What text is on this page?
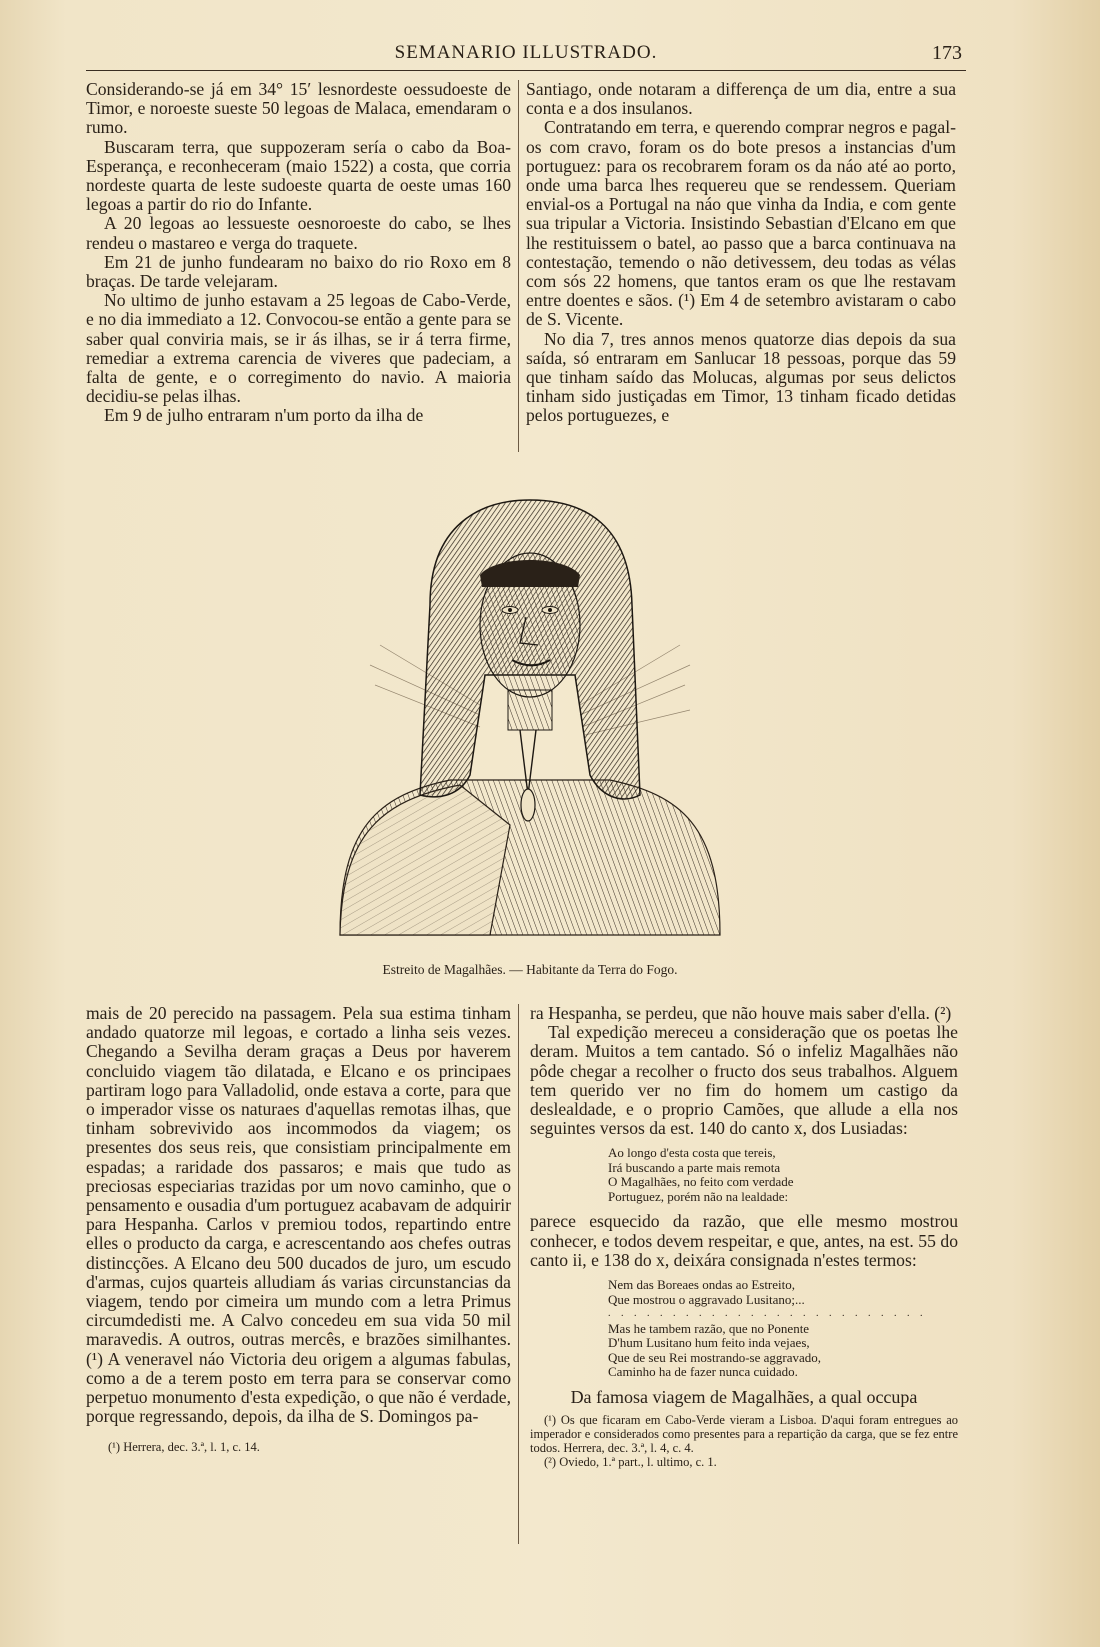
SEMANARIO ILLUSTRADO.	173

Considerando-se já em 34° 15′ lesnordeste oessudoeste de Timor, e noroeste sueste 50 legoas de Malaca, emendaram o rumo.

Buscaram terra, que suppozeram sería o cabo da Boa-Esperança, e reconheceram (maio 1522) a costa, que corria nordeste quarta de leste sudoeste quarta de oeste umas 160 legoas a partir do rio do Infante.

A 20 legoas ao lessueste oesnoroeste do cabo, se lhes rendeu o mastareo e verga do traquete.

Em 21 de junho fundearam no baixo do rio Roxo em 8 braças. De tarde velejaram.

No ultimo de junho estavam a 25 legoas de Cabo-Verde, e no dia immediato a 12. Convocou-se então a gente para se saber qual conviria mais, se ir ás ilhas, se ir á terra firme, remediar a extrema carencia de viveres que padeciam, a falta de gente, e o corregimento do navio. A maioria decidiu-se pelas ilhas.

Em 9 de julho entraram n'um porto da ilha de

Santiago, onde notaram a differença de um dia, entre a sua conta e a dos insulanos.

Contratando em terra, e querendo comprar negros e pagal-os com cravo, foram os do bote presos a instancias d'um portuguez: para os recobrarem foram os da náo até ao porto, onde uma barca lhes requereu que se rendessem. Queriam envial-os a Portugal na náo que vinha da India, e com gente sua tripular a Victoria. Insistindo Sebastian d'Elcano em que lhe restituissem o batel, ao passo que a barca continuava na contestação, temendo o não detivessem, deu todas as vélas com sós 22 homens, que tantos eram os que lhe restavam entre doentes e sãos. (¹) Em 4 de setembro avistaram o cabo de S. Vicente.

No dia 7, tres annos menos quatorze dias depois da sua saída, só entraram em Sanlucar 18 pessoas, porque das 59 que tinham saído das Molucas, algumas por seus delictos tinham sido justiçadas em Timor, 13 tinham ficado detidas pelos portuguezes, e

Estreito de Magalhães. — Habitante da Terra do Fogo.

mais de 20 perecido na passagem. Pela sua estima tinham andado quatorze mil legoas, e cortado a linha seis vezes. Chegando a Sevilha deram graças a Deus por haverem concluido viagem tão dilatada, e Elcano e os principaes partiram logo para Valladolid, onde estava a corte, para que o imperador visse os naturaes d'aquellas remotas ilhas, que tinham sobrevivido aos incommodos da viagem; os presentes dos seus reis, que consistiam principalmente em espadas; a raridade dos passaros; e mais que tudo as preciosas especiarias trazidas por um novo caminho, que o pensamento e ousadia d'um portuguez acabavam de adquirir para Hespanha. Carlos v premiou todos, repartindo entre elles o producto da carga, e acrescentando aos chefes outras distincções. A Elcano deu 500 ducados de juro, um escudo d'armas, cujos quarteis alludiam ás varias circunstancias da viagem, tendo por cimeira um mundo com a letra Primus circumdedisti me. A Calvo concedeu em sua vida 50 mil maravedis. A outros, outras mercês, e brazões similhantes. (¹) A veneravel náo Victoria deu origem a algumas fabulas, como a de a terem posto em terra para se conservar como perpetuo monumento d'esta expedição, o que não é verdade, porque regressando, depois, da ilha de S. Domingos pa-

(¹) Herrera, dec. 3.ª, l. 1, c. 14.

ra Hespanha, se perdeu, que não houve mais saber d'ella. (²)

Tal expedição mereceu a consideração que os poetas lhe deram. Muitos a tem cantado. Só o infeliz Magalhães não pôde chegar a recolher o fructo dos seus trabalhos. Alguem tem querido ver no fim do homem um castigo da deslealdade, e o proprio Camões, que allude a ella nos seguintes versos da est. 140 do canto x, dos Lusiadas:

Ao longo d'esta costa que tereis,
Irá buscando a parte mais remota
O Magalhães, no feito com verdade
Portuguez, porém não na lealdade:

parece esquecido da razão, que elle mesmo mostrou conhecer, e todos devem respeitar, e que, antes, na est. 55 do canto ii, e 138 do x, deixára consignada n'estes termos:

Nem das Boreaes ondas ao Estreito,
Que mostrou o aggravado Lusitano;...
. . . . . . . . . . . . . . . . . . . . . . . . .
Mas he tambem razão, que no Ponente
D'hum Lusitano hum feito inda vejaes,
Que de seu Rei mostrando-se aggravado,
Caminho ha de fazer nunca cuidado.

Da famosa viagem de Magalhães, a qual occupa

(¹) Os que ficaram em Cabo-Verde vieram a Lisboa. D'aqui foram entregues ao imperador e considerados como presentes para a repartição da carga, que se fez entre todos. Herrera, dec. 3.ª, l. 4, c. 4.
(²) Oviedo, 1.ª part., l. ultimo, c. 1.
